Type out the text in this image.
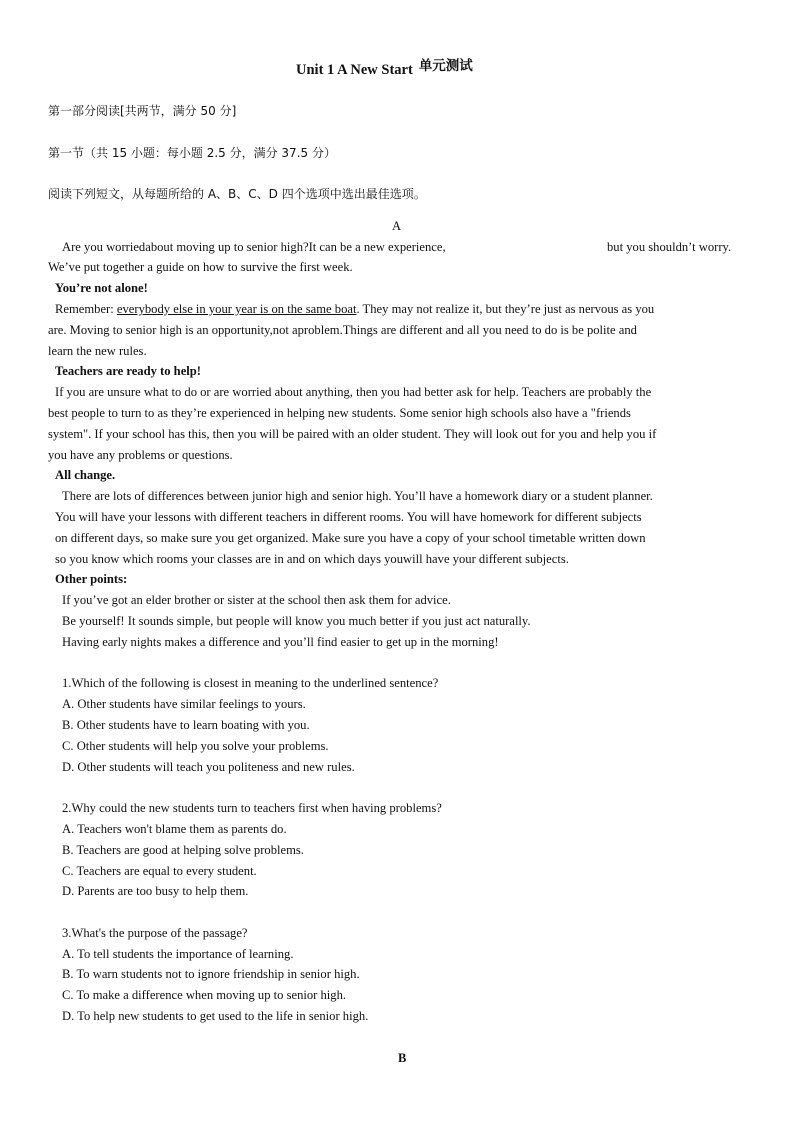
Unit 1 A New Start 单元测试
第一部分阅读[共两节，满分 50 分]
第一节（共 15 小题：每小题 2.5 分，满分 37.5 分）
阅读下列短文，从每题所给的 A、B、C、D 四个选项中选出最佳选项。
A
Are you worriedabout moving up to senior high?It can be a new experience,	but you shouldn’t worry.
We’ve put together a guide on how to survive the first week.
You’re not alone!
Remember: everybody else in your year is on the same boat. They may not realize it, but they’re just as nervous as you
are. Moving to senior high is an opportunity,not aproblem.Things are different and all you need to do is be polite and
learn the new rules.
Teachers are ready to help!
If you are unsure what to do or are worried about anything, then you had better ask for help. Teachers are probably the
best people to turn to as they’re experienced in helping new students. Some senior high schools also have a "friends
system". If your school has this, then you will be paired with an older student. They will look out for you and help you if
you have any problems or questions.
All change.
There are lots of differences between junior high and senior high. You’ll have a homework diary or a student planner.
You will have your lessons with different teachers in different rooms. You will have homework for different subjects
on different days, so make sure you get organized. Make sure you have a copy of your school timetable written down
so you know which rooms your classes are in and on which days youwill have your different subjects.
Other points:
If you’ve got an elder brother or sister at the school then ask them for advice.
Be yourself! It sounds simple, but people will know you much better if you just act naturally.
Having early nights makes a difference and you’ll find easier to get up in the morning!
1.Which of the following is closest in meaning to the underlined sentence?
A. Other students have similar feelings to yours.
B. Other students have to learn boating with you.
C. Other students will help you solve your problems.
D. Other students will teach you politeness and new rules.
2.Why could the new students turn to teachers first when having problems?
A. Teachers won't blame them as parents do.
B. Teachers are good at helping solve problems.
C. Teachers are equal to every student.
D. Parents are too busy to help them.
3.What's the purpose of the passage?
A. To tell students the importance of learning.
B. To warn students not to ignore friendship in senior high.
C. To make a difference when moving up to senior high.
D. To help new students to get used to the life in senior high.
B
